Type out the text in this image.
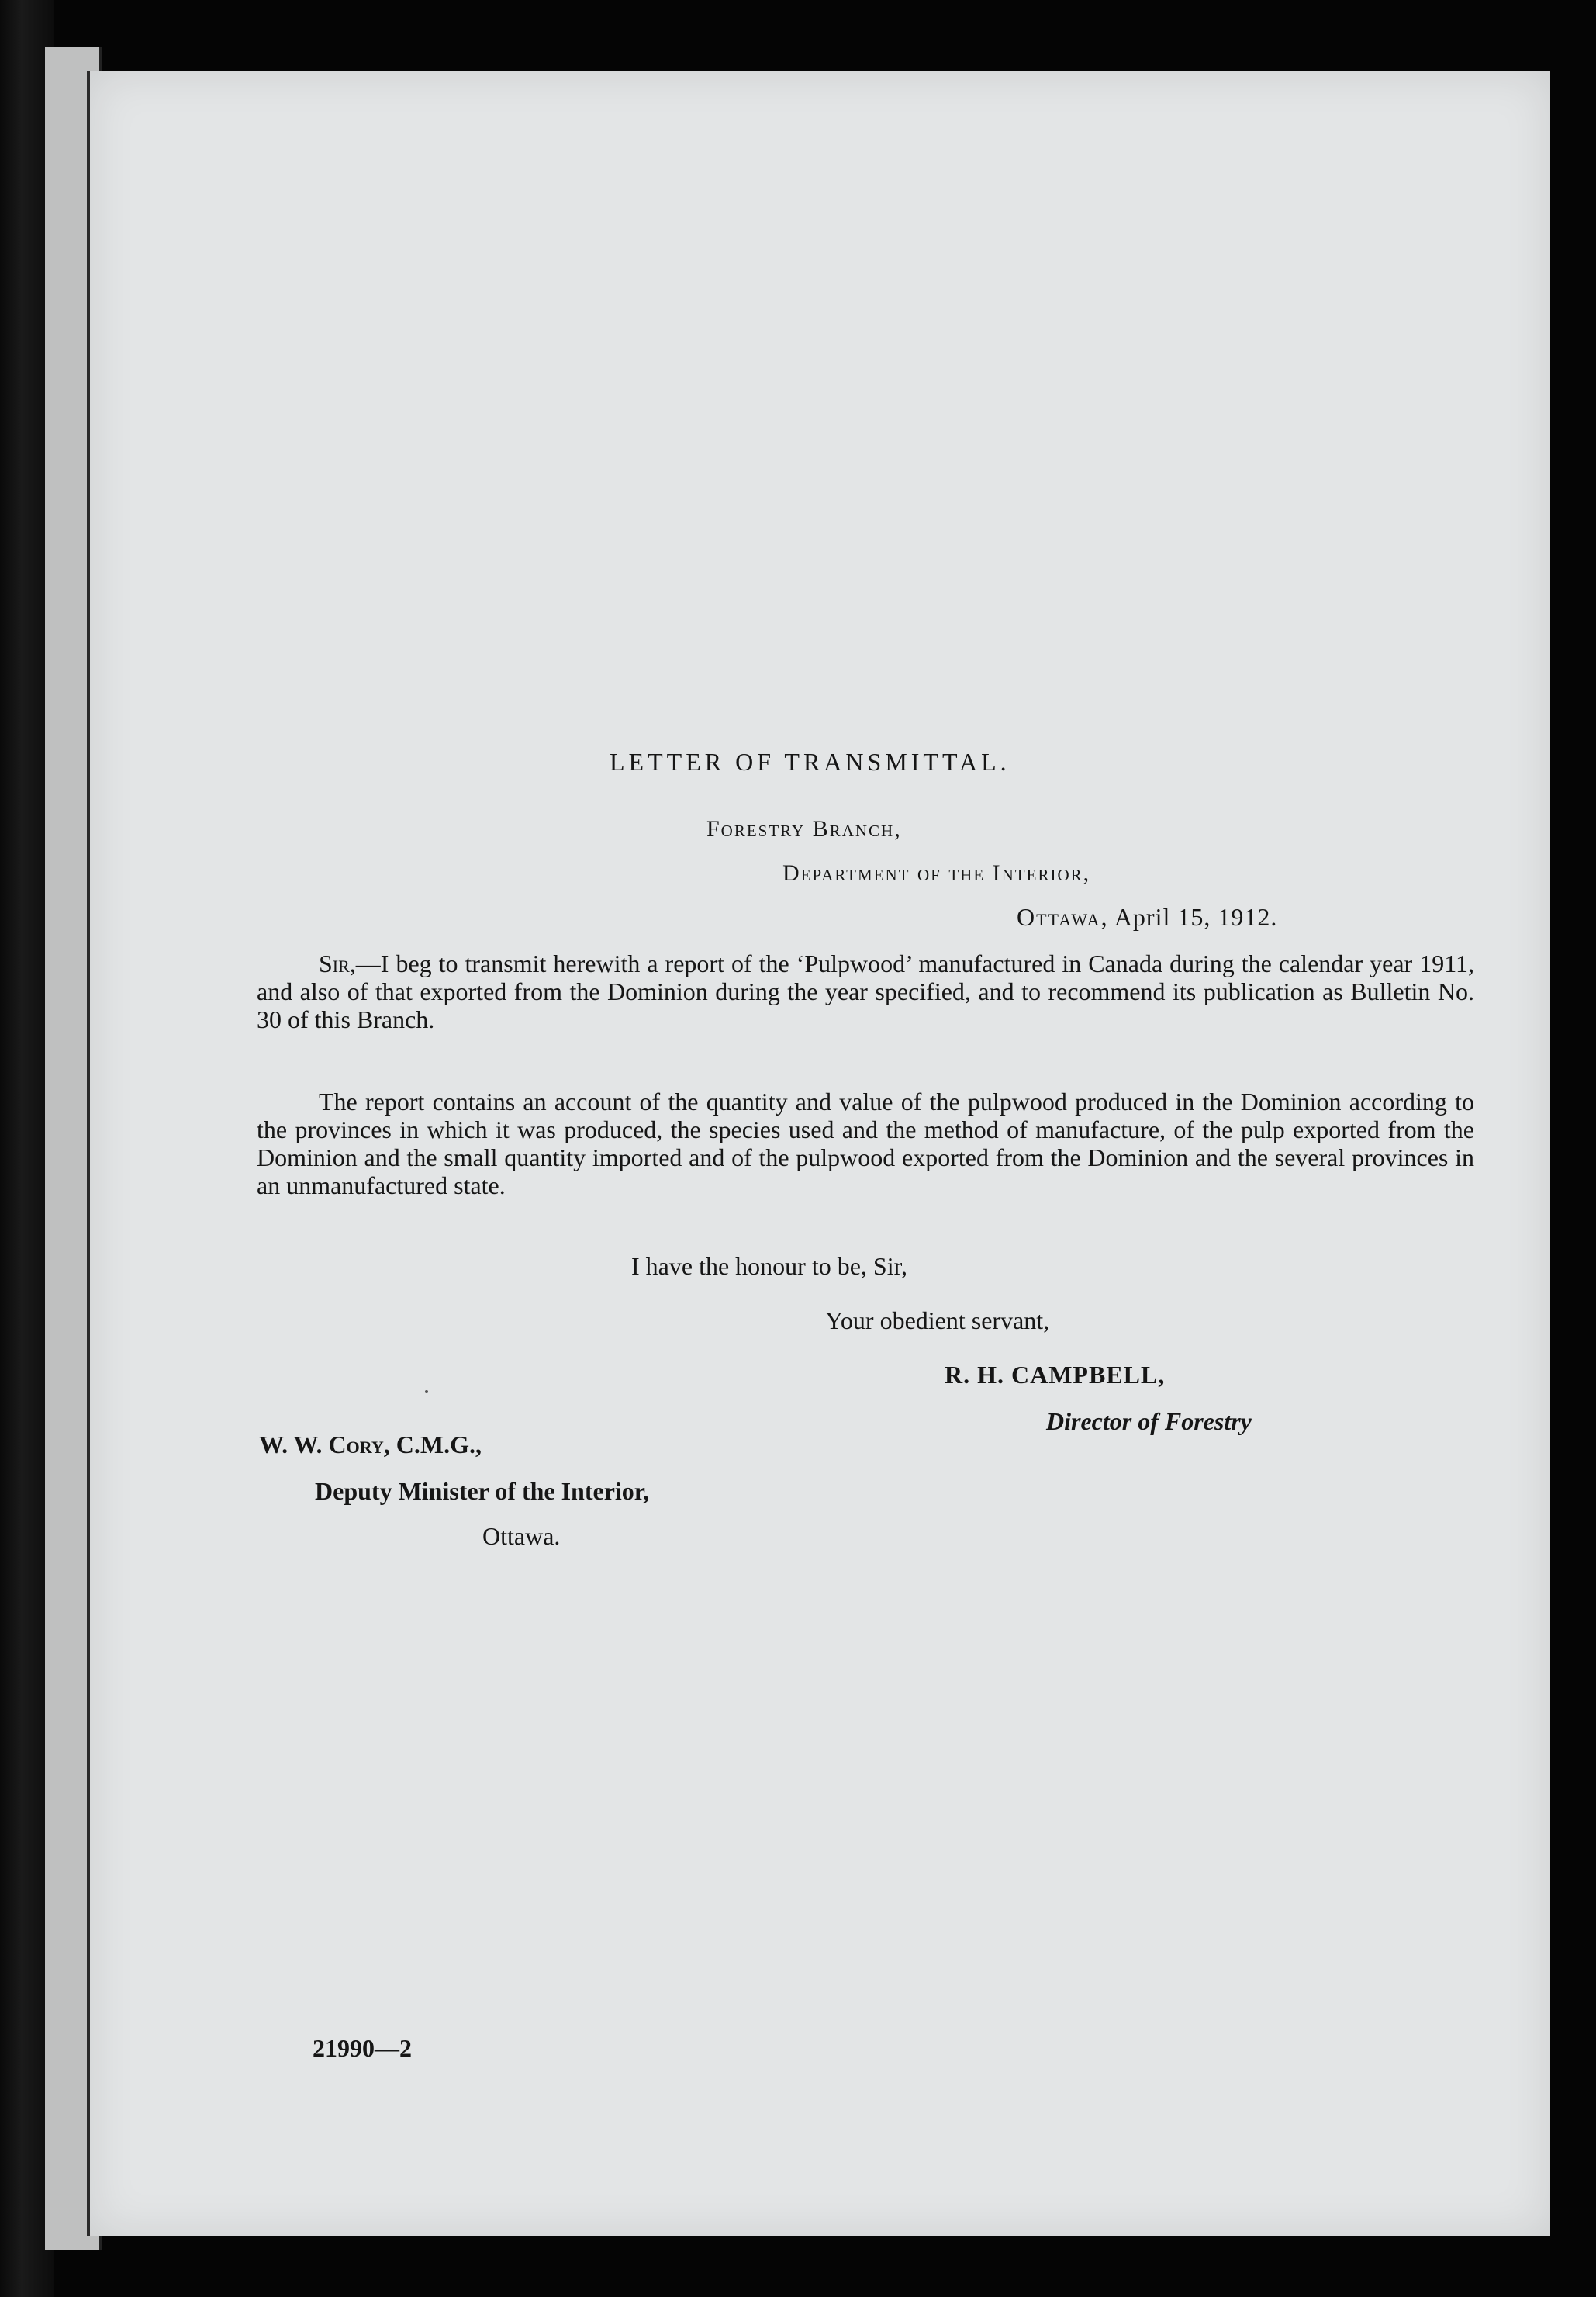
LETTER OF TRANSMITTAL.
Forestry Branch,
Department of the Interior,
Ottawa, April 15, 1912.
Sir,—I beg to transmit herewith a report of the ‘Pulpwood’ manufactured in Canada during the calendar year 1911, and also of that exported from the Dominion during the year specified, and to recommend its publication as Bulletin No. 30 of this Branch.
The report contains an account of the quantity and value of the pulpwood produced in the Dominion according to the provinces in which it was produced, the species used and the method of manufacture, of the pulp exported from the Dominion and the small quantity imported and of the pulpwood exported from the Dominion and the several provinces in an unmanufactured state.
I have the honour to be, Sir,
Your obedient servant,
R. H. CAMPBELL,
Director of Forestry
W. W. Cory, C.M.G.,
Deputy Minister of the Interior,
Ottawa.
21990—2
